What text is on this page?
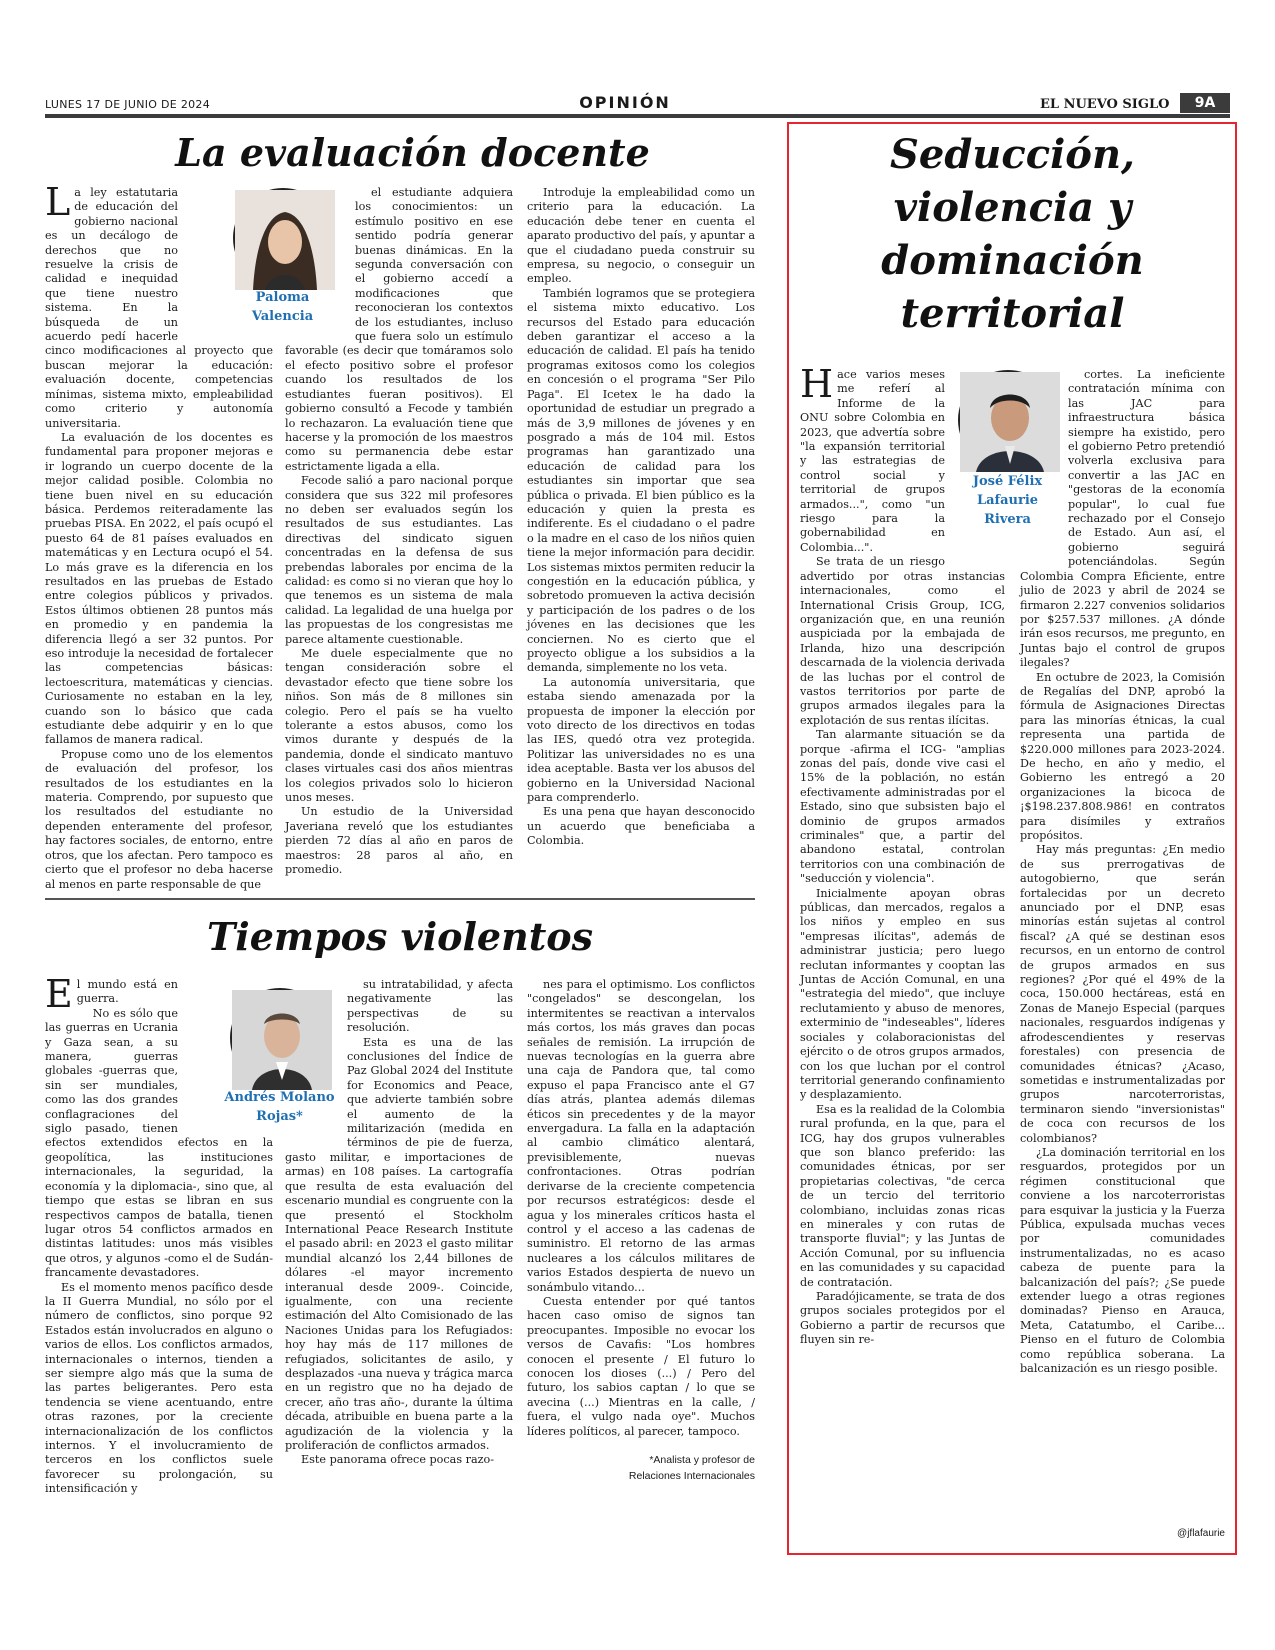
LUNES 17 DE JUNIO DE 2024	OPINIÓN	EL NUEVO SIGLO	9A
La evaluación docente
Paloma
Valencia

La ley estatutaria de educación del gobierno nacional es un decálogo de derechos que no resuelve la crisis de calidad e inequidad que tiene nuestro sistema. En la búsqueda de un acuerdo pedí hacerle cinco modificaciones al proyecto que buscan mejorar la educación: evaluación docente, competencias mínimas, sistema mixto, empleabilidad como criterio y autonomía universitaria.

La evaluación de los docentes es fundamental para proponer mejoras e ir logrando un cuerpo docente de la mejor calidad posible. Colombia no tiene buen nivel en su educación básica. Perdemos reiteradamente las pruebas PISA. En 2022, el país ocupó el puesto 64 de 81 países evaluados en matemáticas y en Lectura ocupó el 54. Lo más grave es la diferencia en los resultados en las pruebas de Estado entre colegios públicos y privados. Estos últimos obtienen 28 puntos más en promedio y en pandemia la diferencia llegó a ser 32 puntos. Por eso introduje la necesidad de fortalecer las competencias básicas: lectoescritura, matemáticas y ciencias. Curiosamente no estaban en la ley, cuando son lo básico que cada estudiante debe adquirir y en lo que fallamos de manera radical.

Propuse como uno de los elementos de evaluación del profesor, los resultados de los estudiantes en la materia. Comprendo, por supuesto que los resultados del estudiante no dependen enteramente del profesor, hay factores sociales, de entorno, entre otros, que los afectan. Pero tampoco es cierto que el profesor no deba hacerse al menos en parte responsable de que

el estudiante adquiera los conocimientos: un estímulo positivo en ese sentido podría generar buenas dinámicas. En la segunda conversación con el gobierno accedí a modificaciones que reconocieran los contextos de los estudiantes, incluso que fuera solo un estímulo favorable (es decir que tomáramos solo el efecto positivo sobre el profesor cuando los resultados de los estudiantes fueran positivos). El gobierno consultó a Fecode y también lo rechazaron. La evaluación tiene que hacerse y la promoción de los maestros como su permanencia debe estar estrictamente ligada a ella.

Fecode salió a paro nacional porque considera que sus 322 mil profesores no deben ser evaluados según los resultados de sus estudiantes. Las directivas del sindicato siguen concentradas en la defensa de sus prebendas laborales por encima de la calidad: es como si no vieran que hoy lo que tenemos es un sistema de mala calidad. La legalidad de una huelga por las propuestas de los congresistas me parece altamente cuestionable.

Me duele especialmente que no tengan consideración sobre el devastador efecto que tiene sobre los niños. Son más de 8 millones sin colegio. Pero el país se ha vuelto tolerante a estos abusos, como los vimos durante y después de la pandemia, donde el sindicato mantuvo clases virtuales casi dos años mientras los colegios privados solo lo hicieron unos meses.

Un estudio de la Universidad Javeriana reveló que los estudiantes pierden 72 días al año en paros de maestros: 28 paros al año, en promedio.

Introduje la empleabilidad como un criterio para la educación. La educación debe tener en cuenta el aparato productivo del país, y apuntar a que el ciudadano pueda construir su empresa, su negocio, o conseguir un empleo.

También logramos que se protegiera el sistema mixto educativo. Los recursos del Estado para educación deben garantizar el acceso a la educación de calidad. El país ha tenido programas exitosos como los colegios en concesión o el programa "Ser Pilo Paga". El Icetex le ha dado la oportunidad de estudiar un pregrado a más de 3,9 millones de jóvenes y en posgrado a más de 104 mil. Estos programas han garantizado una educación de calidad para los estudiantes sin importar que sea pública o privada. El bien público es la educación y quien la presta es indiferente. Es el ciudadano o el padre o la madre en el caso de los niños quien tiene la mejor información para decidir. Los sistemas mixtos permiten reducir la congestión en la educación pública, y sobretodo promueven la activa decisión y participación de los padres o de los jóvenes en las decisiones que les conciernen. No es cierto que el proyecto obligue a los subsidios a la demanda, simplemente no los veta.

La autonomía universitaria, que estaba siendo amenazada por la propuesta de imponer la elección por voto directo de los directivos en todas las IES, quedó otra vez protegida. Politizar las universidades no es una idea aceptable. Basta ver los abusos del gobierno en la Universidad Nacional para comprenderlo.

Es una pena que hayan desconocido un acuerdo que beneficiaba a Colombia.

Tiempos violentos
Andrés Molano
Rojas*

El mundo está en guerra.

No es sólo que las guerras en Ucrania y Gaza sean, a su manera, guerras globales -guerras que, sin ser mundiales, como las dos grandes conflagraciones del siglo pasado, tienen efectos extendidos efectos en la geopolítica, las instituciones internacionales, la seguridad, la economía y la diplomacia-, sino que, al tiempo que estas se libran en sus respectivos campos de batalla, tienen lugar otros 54 conflictos armados en distintas latitudes: unos más visibles que otros, y algunos -como el de Sudán- francamente devastadores.

Es el momento menos pacífico desde la II Guerra Mundial, no sólo por el número de conflictos, sino porque 92 Estados están involucrados en alguno o varios de ellos. Los conflictos armados, internacionales o internos, tienden a ser siempre algo más que la suma de las partes beligerantes. Pero esta tendencia se viene acentuando, entre otras razones, por la creciente internacionalización de los conflictos internos. Y el involucramiento de terceros en los conflictos suele favorecer su prolongación, su intensificación y

su intratabilidad, y afecta negativamente las perspectivas de su resolución.

Esta es una de las conclusiones del Índice de Paz Global 2024 del Institute for Economics and Peace, que advierte también sobre el aumento de la militarización (medida en términos de pie de fuerza, gasto militar, e importaciones de armas) en 108 países. La cartografía que resulta de esta evaluación del escenario mundial es congruente con la que presentó el Stockholm International Peace Research Institute el pasado abril: en 2023 el gasto militar mundial alcanzó los 2,44 billones de dólares -el mayor incremento interanual desde 2009-. Coincide, igualmente, con una reciente estimación del Alto Comisionado de las Naciones Unidas para los Refugiados: hoy hay más de 117 millones de refugiados, solicitantes de asilo, y desplazados -una nueva y trágica marca en un registro que no ha dejado de crecer, año tras año-, durante la última década, atribuible en buena parte a la agudización de la violencia y la proliferación de conflictos armados.

Este panorama ofrece pocas razo-

nes para el optimismo. Los conflictos "congelados" se descongelan, los intermitentes se reactivan a intervalos más cortos, los más graves dan pocas señales de remisión. La irrupción de nuevas tecnologías en la guerra abre una caja de Pandora que, tal como expuso el papa Francisco ante el G7 días atrás, plantea además dilemas éticos sin precedentes y de la mayor envergadura. La falla en la adaptación al cambio climático alentará, previsiblemente, nuevas confrontaciones. Otras podrían derivarse de la creciente competencia por recursos estratégicos: desde el agua y los minerales críticos hasta el control y el acceso a las cadenas de suministro. El retorno de las armas nucleares a los cálculos militares de varios Estados despierta de nuevo un sonámbulo vitando...

Cuesta entender por qué tantos hacen caso omiso de signos tan preocupantes. Imposible no evocar los versos de Cavafis: "Los hombres conocen el presente / El futuro lo conocen los dioses (...) / Pero del futuro, los sabios captan / lo que se avecina (...) Mientras en la calle, / fuera, el vulgo nada oye". Muchos líderes políticos, al parecer, tampoco.

*Analista y profesor de
Relaciones Internacionales
Seducción,
violencia y
dominación
territorial
José Félix
Lafaurie
Rivera

Hace varios meses me referí al Informe de la ONU sobre Colombia en 2023, que advertía sobre "la expansión territorial y las estrategias de control social y territorial de grupos armados...", como "un riesgo para la gobernabilidad en Colombia...".

Se trata de un riesgo advertido por otras instancias internacionales, como el International Crisis Group, ICG, organización que, en una reunión auspiciada por la embajada de Irlanda, hizo una descripción descarnada de la violencia derivada de las luchas por el control de vastos territorios por parte de grupos armados ilegales para la explotación de sus rentas ilícitas.

Tan alarmante situación se da porque -afirma el ICG- "amplias zonas del país, donde vive casi el 15% de la población, no están efectivamente administradas por el Estado, sino que subsisten bajo el dominio de grupos armados criminales" que, a partir del abandono estatal, controlan territorios con una combinación de "seducción y violencia".

Inicialmente apoyan obras públicas, dan mercados, regalos a los niños y empleo en sus "empresas ilícitas", además de administrar justicia; pero luego reclutan informantes y cooptan las Juntas de Acción Comunal, en una "estrategia del miedo", que incluye reclutamiento y abuso de menores, exterminio de "indeseables", líderes sociales y colaboracionistas del ejército o de otros grupos armados, con los que luchan por el control territorial generando confinamiento y desplazamiento.

Esa es la realidad de la Colombia rural profunda, en la que, para el ICG, hay dos grupos vulnerables que son blanco preferido: las comunidades étnicas, por ser propietarias colectivas, "de cerca de un tercio del territorio colombiano, incluidas zonas ricas en minerales y con rutas de transporte fluvial"; y las Juntas de Acción Comunal, por su influencia en las comunidades y su capacidad de contratación.

Paradójicamente, se trata de dos grupos sociales protegidos por el Gobierno a partir de recursos que fluyen sin re-

cortes. La ineficiente contratación mínima con las JAC para infraestructura básica siempre ha existido, pero el gobierno Petro pretendió volverla exclusiva para convertir a las JAC en "gestoras de la economía popular", lo cual fue rechazado por el Consejo de Estado. Aun así, el gobierno seguirá potenciándolas. Según Colombia Compra Eficiente, entre julio de 2023 y abril de 2024 se firmaron 2.227 convenios solidarios por $257.537 millones. ¿A dónde irán esos recursos, me pregunto, en Juntas bajo el control de grupos ilegales?

En octubre de 2023, la Comisión de Regalías del DNP, aprobó la fórmula de Asignaciones Directas para las minorías étnicas, la cual representa una partida de $220.000 millones para 2023-2024. De hecho, en año y medio, el Gobierno les entregó a 20 organizaciones la bicoca de ¡$198.237.808.986! en contratos para disímiles y extraños propósitos.

Hay más preguntas: ¿En medio de sus prerrogativas de autogobierno, que serán fortalecidas por un decreto anunciado por el DNP, esas minorías están sujetas al control fiscal? ¿A qué se destinan esos recursos, en un entorno de control de grupos armados en sus regiones? ¿Por qué el 49% de la coca, 150.000 hectáreas, está en Zonas de Manejo Especial (parques nacionales, resguardos indígenas y afrodescendientes y reservas forestales) con presencia de comunidades étnicas? ¿Acaso, sometidas e instrumentalizadas por grupos narcoterroristas, terminaron siendo "inversionistas" de coca con recursos de los colombianos?

¿La dominación territorial en los resguardos, protegidos por un régimen constitucional que conviene a los narcoterroristas para esquivar la justicia y la Fuerza Pública, expulsada muchas veces por comunidades instrumentalizadas, no es acaso cabeza de puente para la balcanización del país?; ¿Se puede extender luego a otras regiones dominadas? Pienso en Arauca, Meta, Catatumbo, el Caribe... Pienso en el futuro de Colombia como república soberana. La balcanización es un riesgo posible.

@jflafaurie
